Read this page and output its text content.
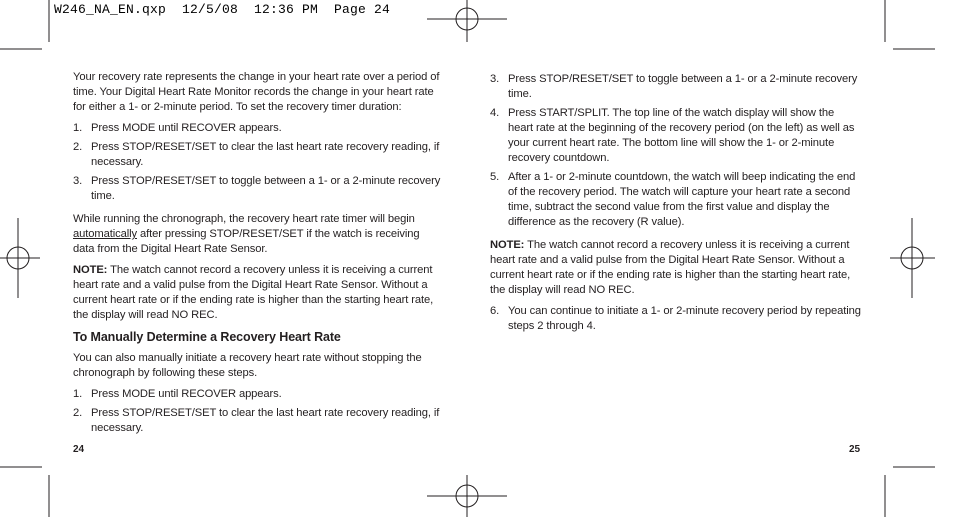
W246_NA_EN.qxp  12/5/08  12:36 PM  Page 24

Your recovery rate represents the change in your heart rate over a period of time. Your Digital Heart Rate Monitor records the change in your heart rate for either a 1- or 2-minute period. To set the recovery timer duration:

1. Press MODE until RECOVER appears.
2. Press STOP/RESET/SET to clear the last heart rate recovery reading, if necessary.
3. Press STOP/RESET/SET to toggle between a 1- or a 2-minute recovery time.

While running the chronograph, the recovery heart rate timer will begin automatically after pressing STOP/RESET/SET if the watch is receiving data from the Digital Heart Rate Sensor.

NOTE: The watch cannot record a recovery unless it is receiving a current heart rate and a valid pulse from the Digital Heart Rate Sensor. Without a current heart rate or if the ending rate is higher than the starting heart rate, the display will read NO REC.

To Manually Determine a Recovery Heart Rate

You can also manually initiate a recovery heart rate without stopping the chronograph by following these steps.

1. Press MODE until RECOVER appears.
2. Press STOP/RESET/SET to clear the last heart rate recovery reading, if necessary.
3. Press STOP/RESET/SET to toggle between a 1- or a 2-minute recovery time.
4. Press START/SPLIT. The top line of the watch display will show the heart rate at the beginning of the recovery period (on the left) as well as your current heart rate. The bottom line will show the 1- or 2-minute recovery countdown.
5. After a 1- or 2-minute countdown, the watch will beep indicating the end of the recovery period. The watch will capture your heart rate a second time, subtract the second value from the first value and display the difference as the recovery (R value).

NOTE: The watch cannot record a recovery unless it is receiving a current heart rate and a valid pulse from the Digital Heart Rate Sensor. Without a current heart rate or if the ending rate is higher than the starting heart rate, the display will read NO REC.

6. You can continue to initiate a 1- or 2-minute recovery period by repeating steps 2 through 4.
24	25
